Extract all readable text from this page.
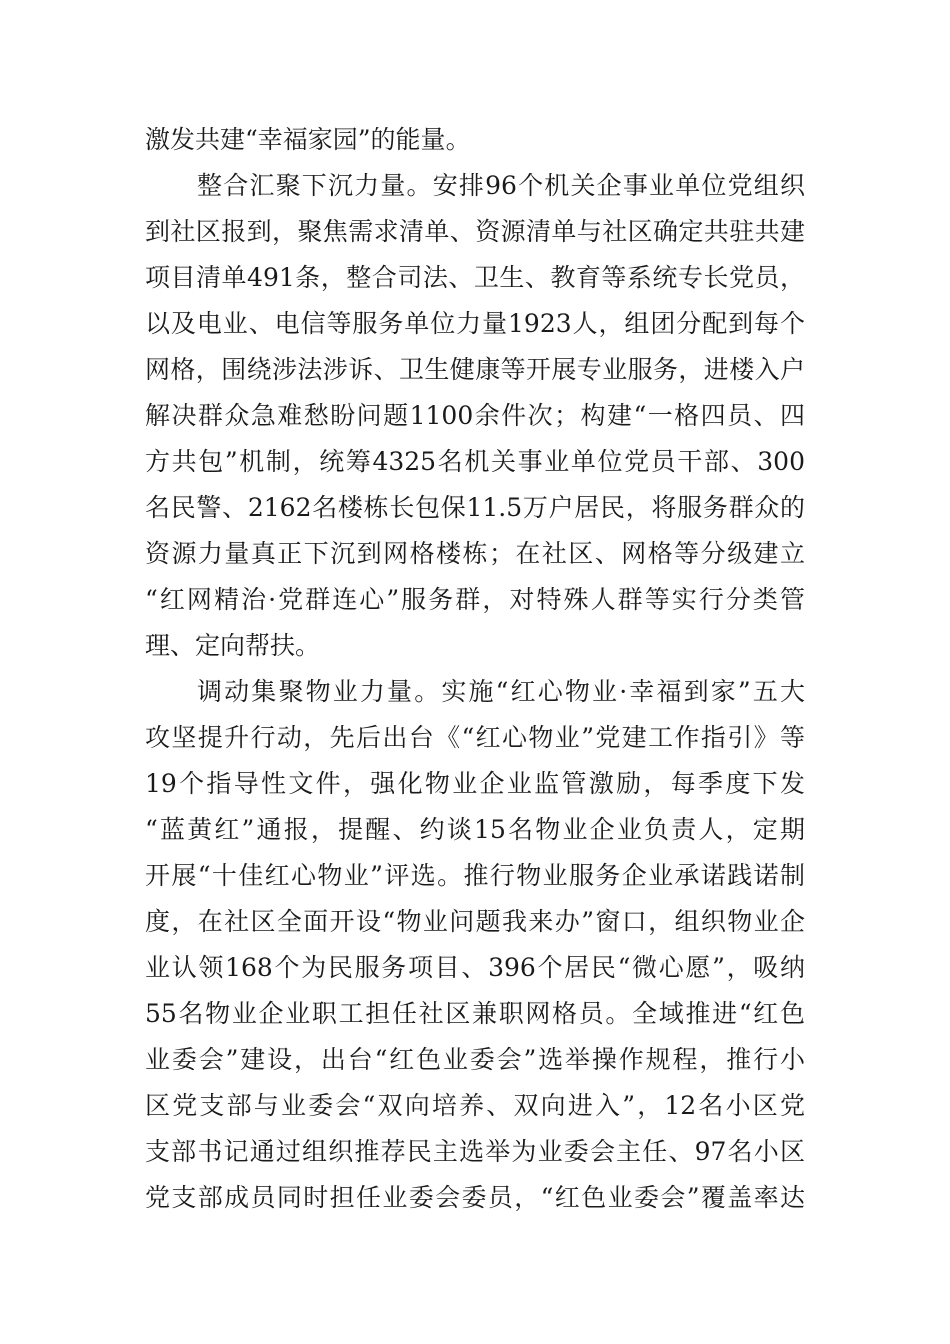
激发共建“幸福家园”的能量。
整合汇聚下沉力量。安排96个机关企事业单位党组织
到社区报到，聚焦需求清单、资源清单与社区确定共驻共建
项目清单491条，整合司法、卫生、教育等系统专长党员，
以及电业、电信等服务单位力量1923人，组团分配到每个
网格，围绕涉法涉诉、卫生健康等开展专业服务，进楼入户
解决群众急难愁盼问题1100余件次；构建“一格四员、四
方共包”机制，统筹4325名机关事业单位党员干部、300
名民警、2162名楼栋长包保11.5万户居民，将服务群众的
资源力量真正下沉到网格楼栋；在社区、网格等分级建立
“红网精治·党群连心”服务群，对特殊人群等实行分类管
理、定向帮扶。
调动集聚物业力量。实施“红心物业·幸福到家”五大
攻坚提升行动，先后出台《“红心物业”党建工作指引》等
19个指导性文件，强化物业企业监管激励，每季度下发
“蓝黄红”通报，提醒、约谈15名物业企业负责人，定期
开展“十佳红心物业”评选。推行物业服务企业承诺践诺制
度，在社区全面开设“物业问题我来办”窗口，组织物业企
业认领168个为民服务项目、396个居民“微心愿”，吸纳
55名物业企业职工担任社区兼职网格员。全域推进“红色
业委会”建设，出台“红色业委会”选举操作规程，推行小
区党支部与业委会“双向培养、双向进入”，12名小区党
支部书记通过组织推荐民主选举为业委会主任、97名小区
党支部成员同时担任业委会委员，“红色业委会”覆盖率达
